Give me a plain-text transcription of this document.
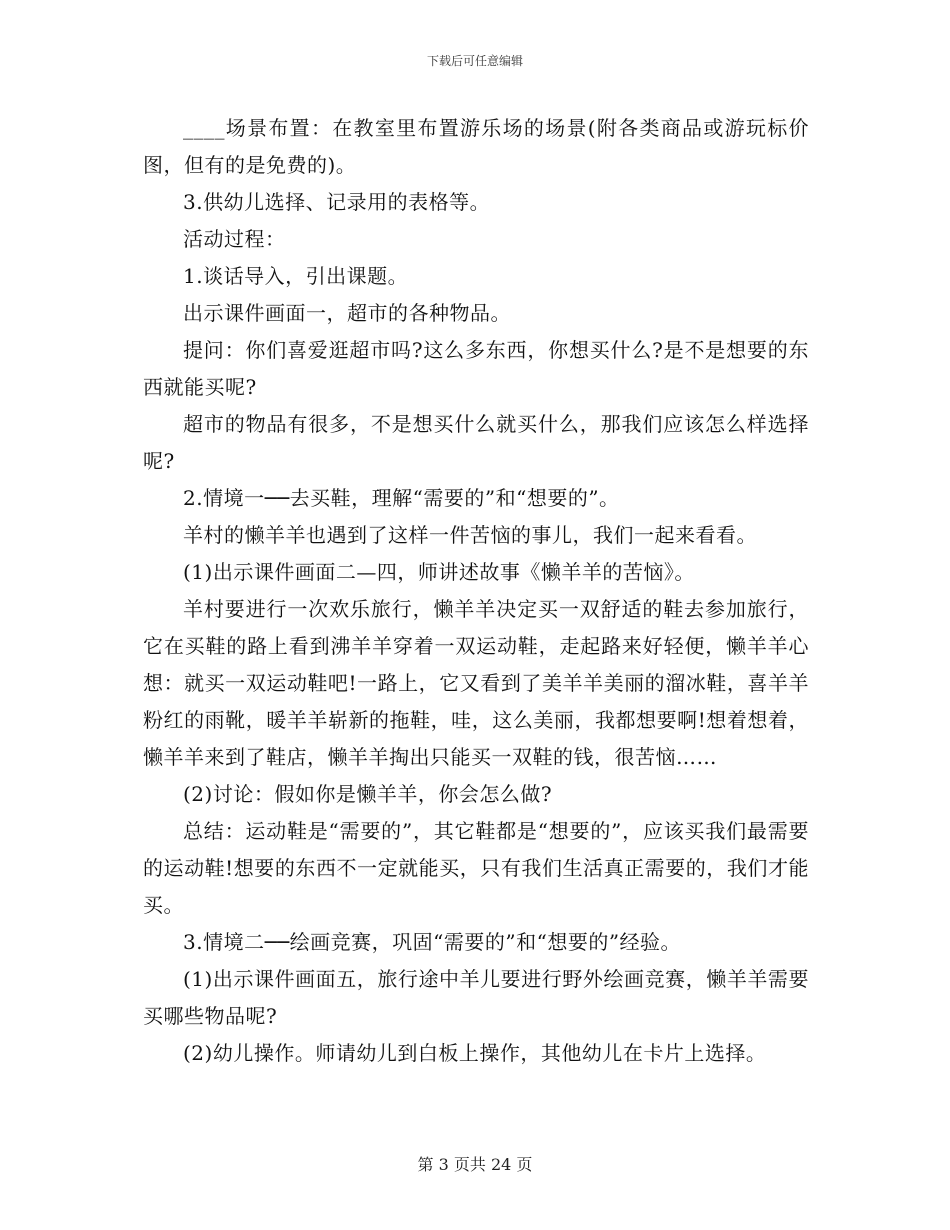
下载后可任意编辑

____场景布置：在教室里布置游乐场的场景(附各类商品或游玩标价图，但有的是免费的)。

3.供幼儿选择、记录用的表格等。

活动过程：

1.谈话导入，引出课题。

出示课件画面一，超市的各种物品。

提问：你们喜爱逛超市吗?这么多东西，你想买什么?是不是想要的东西就能买呢?

超市的物品有很多，不是想买什么就买什么，那我们应该怎么样选择呢?

2.情境一──去买鞋，理解“需要的”和“想要的”。

羊村的懒羊羊也遇到了这样一件苦恼的事儿，我们一起来看看。

(1)出示课件画面二—四，师讲述故事《懒羊羊的苦恼》。

羊村要进行一次欢乐旅行，懒羊羊决定买一双舒适的鞋去参加旅行，它在买鞋的路上看到沸羊羊穿着一双运动鞋，走起路来好轻便，懒羊羊心想：就买一双运动鞋吧!一路上，它又看到了美羊羊美丽的溜冰鞋，喜羊羊粉红的雨靴，暖羊羊崭新的拖鞋，哇，这么美丽，我都想要啊!想着想着，懒羊羊来到了鞋店，懒羊羊掏出只能买一双鞋的钱，很苦恼……

(2)讨论：假如你是懒羊羊，你会怎么做?

总结：运动鞋是“需要的”，其它鞋都是“想要的”，应该买我们最需要的运动鞋!想要的东西不一定就能买，只有我们生活真正需要的，我们才能买。

3.情境二──绘画竞赛，巩固“需要的”和“想要的”经验。

(1)出示课件画面五，旅行途中羊儿要进行野外绘画竞赛，懒羊羊需要买哪些物品呢?

(2)幼儿操作。师请幼儿到白板上操作，其他幼儿在卡片上选择。

第 3 页共 24 页
